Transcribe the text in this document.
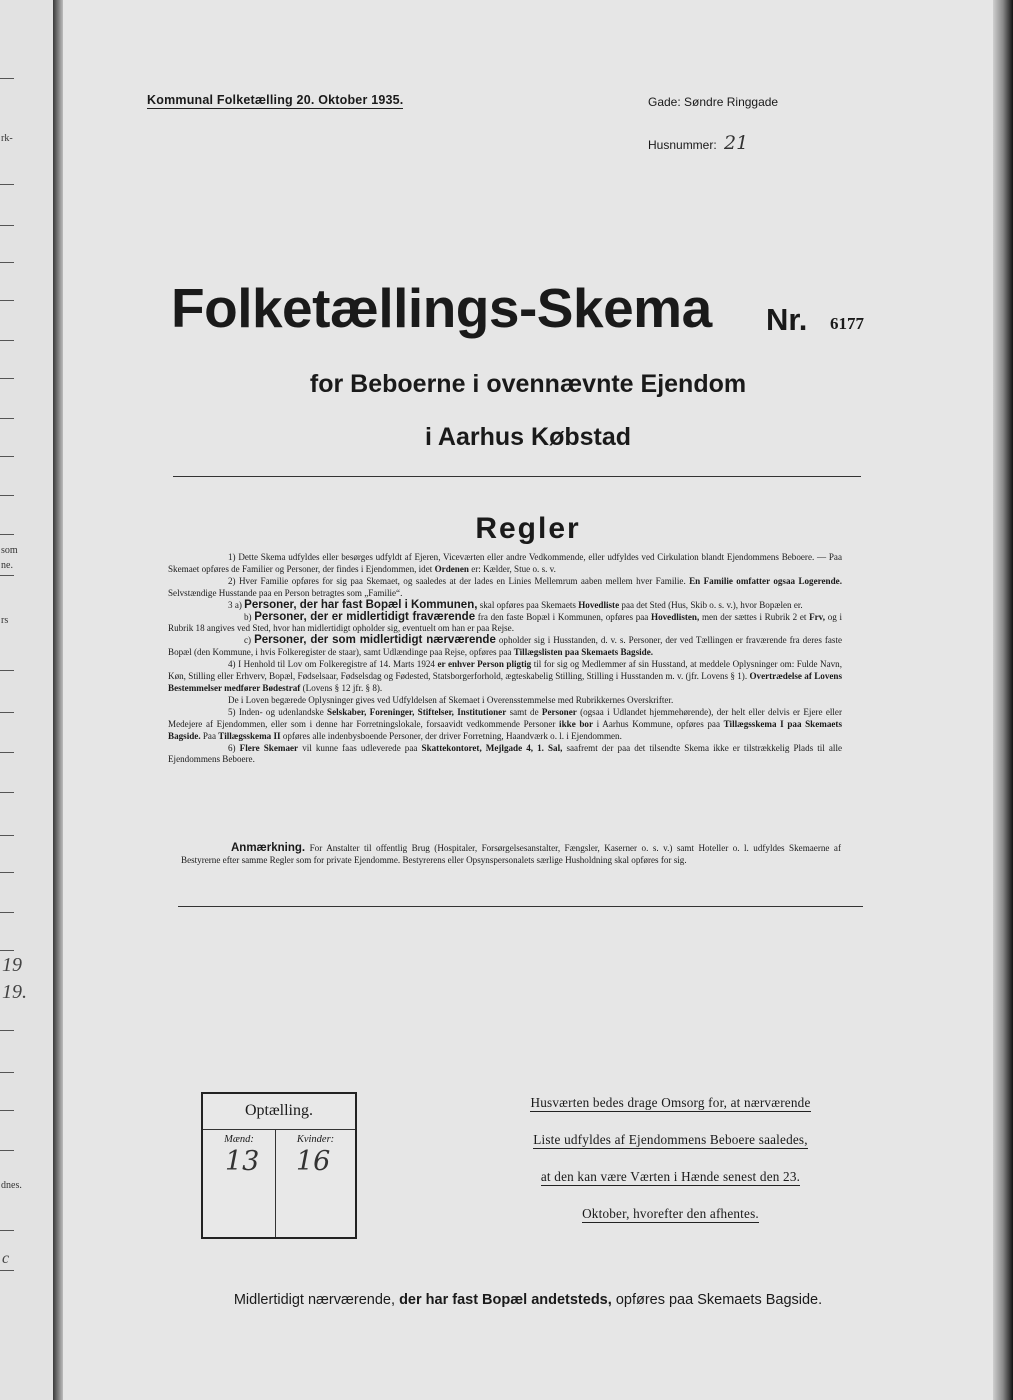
rk-
som
ne.
rs
19
19.
dnes.
c
Kommunal Folketælling 20. Oktober 1935.	Gade: Søndre Ringgade
Husnummer: 21
Folketællings-Skema Nr. 6177
for Beboerne i ovennævnte Ejendom
i Aarhus Købstad
Regler

1) Dette Skema udfyldes eller besørges udfyldt af Ejeren, Viceværten eller andre Vedkommende, eller udfyldes ved Cirkulation blandt Ejendommens Beboere. — Paa Skemaet opføres de Familier og Personer, der findes i Ejendommen, idet Ordenen er: Kælder, Stue o. s. v.

2) Hver Familie opføres for sig paa Skemaet, og saaledes at der lades en Linies Mellemrum aaben mellem hver Familie. En Familie omfatter ogsaa Logerende. Selvstændige Husstande paa en Person betragtes som „Familie“.

3 a) Personer, der har fast Bopæl i Kommunen, skal opføres paa Skemaets Hovedliste paa det Sted (Hus, Skib o. s. v.), hvor Bopælen er.

b) Personer, der er midlertidigt fraværende fra den faste Bopæl i Kommunen, opføres paa Hovedlisten, men der sættes i Rubrik 2 et Frv, og i Rubrik 18 angives ved Sted, hvor han midlertidigt opholder sig, eventuelt om han er paa Rejse.

c) Personer, der som midlertidigt nærværende opholder sig i Husstanden, d. v. s. Personer, der ved Tællingen er fraværende fra deres faste Bopæl (den Kommune, i hvis Folkeregister de staar), samt Udlændinge paa Rejse, opføres paa Tillægslisten paa Skemaets Bagside.

4) I Henhold til Lov om Folkeregistre af 14. Marts 1924 er enhver Person pligtig til for sig og Medlemmer af sin Husstand, at meddele Oplysninger om: Fulde Navn, Køn, Stilling eller Erhverv, Bopæl, Fødselsaar, Fødselsdag og Fødested, Statsborgerforhold, ægteskabelig Stilling, Stilling i Husstanden m. v. (jfr. Lovens § 1). Overtrædelse af Lovens Bestemmelser medfører Bødestraf (Lovens § 12 jfr. § 8).

De i Loven begærede Oplysninger gives ved Udfyldelsen af Skemaet i Overensstemmelse med Rubrikkernes Overskrifter.

5) Inden- og udenlandske Selskaber, Foreninger, Stiftelser, Institutioner samt de Personer (ogsaa i Udlandet hjemmehørende), der helt eller delvis er Ejere eller Medejere af Ejendommen, eller som i denne har Forretningslokale, forsaavidt vedkommende Personer ikke bor i Aarhus Kommune, opføres paa Tillægsskema I paa Skemaets Bagside. Paa Tillægsskema II opføres alle indenbysboende Personer, der driver Forretning, Haandværk o. l. i Ejendommen.

6) Flere Skemaer vil kunne faas udleverede paa Skattekontoret, Mejlgade 4, 1. Sal, saafremt der paa det tilsendte Skema ikke er tilstrækkelig Plads til alle Ejendommens Beboere.

Anmærkning. For Anstalter til offentlig Brug (Hospitaler, Forsørgelsesanstalter, Fængsler, Kaserner o. s. v.) samt Hoteller o. l. udfyldes Skemaerne af Bestyrerne efter samme Regler som for private Ejendomme. Bestyrerens eller Opsynspersonalets særlige Husholdning skal opføres for sig.
Optælling.
Mænd:	Kvinder:
13 16
Husværten bedes drage Omsorg for, at nærværende
Liste udfyldes af Ejendommens Beboere saaledes,
at den kan være Værten i Hænde senest den 23.
Oktober, hvorefter den afhentes.
Midlertidigt nærværende, der har fast Bopæl andetsteds, opføres paa Skemaets Bagside.
